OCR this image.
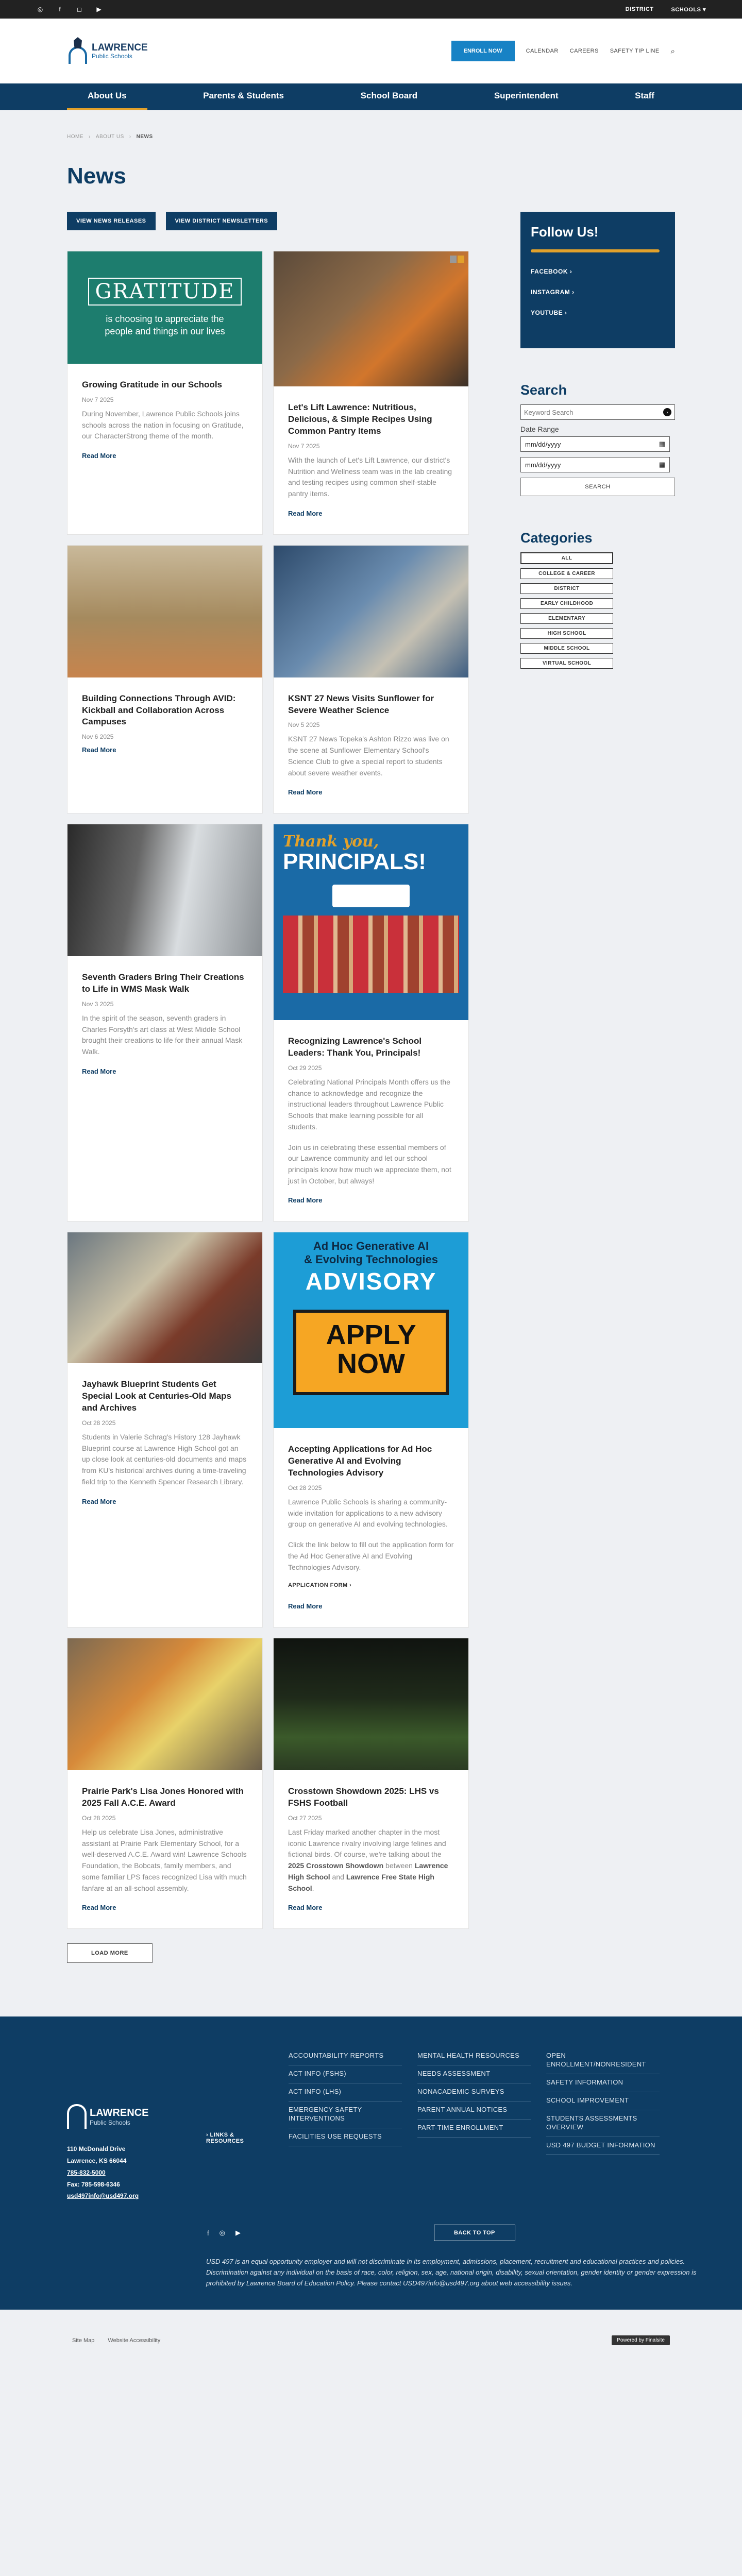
◎	f	◻ ▶	DISTRICT	SCHOOLS ▾
LAWRENCE
Public Schools
ENROLL NOW	CALENDAR CAREERS SAFETY TIP LINE ⌕
About Us	Parents & Students	School Board	Superintendent	Staff
HOME › ABOUT US › NEWS
News
VIEW NEWS RELEASES	VIEW DISTRICT NEWSLETTERS
GRATITUDE
is choosing to appreciate the people and things in our lives
Growing Gratitude in our Schools
Nov 7 2025

During November, Lawrence Public Schools joins schools across the nation in focusing on Gratitude, our CharacterStrong theme of the month.

Read More
Let's Lift Lawrence: Nutritious, Delicious, & Simple Recipes Using Common Pantry Items
Nov 7 2025

With the launch of Let's Lift Lawrence, our district's Nutrition and Wellness team was in the lab creating and testing recipes using common shelf-stable pantry items.

Read More
Building Connections Through AVID: Kickball and Collaboration Across Campuses
Nov 6 2025
Read More
KSNT 27 News Visits Sunflower for Severe Weather Science
Nov 5 2025

KSNT 27 News Topeka's Ashton Rizzo was live on the scene at Sunflower Elementary School's Science Club to give a special report to students about severe weather events.

Read More
Seventh Graders Bring Their Creations to Life in WMS Mask Walk
Nov 3 2025

In the spirit of the season, seventh graders in Charles Forsyth's art class at West Middle School brought their creations to life for their annual Mask Walk.

Read More
Thank you,
PRINCIPALS!
Recognizing Lawrence's School Leaders: Thank You, Principals!
Oct 29 2025

Celebrating National Principals Month offers us the chance to acknowledge and recognize the instructional leaders throughout Lawrence Public Schools that make learning possible for all students.

Join us in celebrating these essential members of our Lawrence community and let our school principals know how much we appreciate them, not just in October, but always!

Read More
Jayhawk Blueprint Students Get Special Look at Centuries-Old Maps and Archives
Oct 28 2025

Students in Valerie Schrag's History 128 Jayhawk Blueprint course at Lawrence High School got an up close look at centuries-old documents and maps from KU's historical archives during a time-traveling field trip to the Kenneth Spencer Research Library.

Read More
Ad Hoc Generative AI
& Evolving Technologies
ADVISORY
APPLY
NOW
Accepting Applications for Ad Hoc Generative AI and Evolving Technologies Advisory
Oct 28 2025

Lawrence Public Schools is sharing a community-wide invitation for applications to a new advisory group on generative AI and evolving technologies.

Click the link below to fill out the application form for the Ad Hoc Generative AI and Evolving Technologies Advisory.

APPLICATION FORM ›
Read More
Prairie Park's Lisa Jones Honored with 2025 Fall A.C.E. Award
Oct 28 2025

Help us celebrate Lisa Jones, administrative assistant at Prairie Park Elementary School, for a well-deserved A.C.E. Award win! Lawrence Schools Foundation, the Bobcats, family members, and some familiar LPS faces recognized Lisa with much fanfare at an all-school assembly.

Read More
Crosstown Showdown 2025: LHS vs FSHS Football
Oct 27 2025

Last Friday marked another chapter in the most iconic Lawrence rivalry involving large felines and fictional birds. Of course, we're talking about the 2025 Crosstown Showdown between Lawrence High School and Lawrence Free State High School.

Read More
LOAD MORE
Follow Us!
FACEBOOK ›
INSTAGRAM ›
YOUTUBE ›
Search
Keyword Search	›
Date Range
mm/dd/yyyy	▦
mm/dd/yyyy	▦
SEARCH
Categories
ALL
COLLEGE & CAREER
DISTRICT
EARLY CHILDHOOD
ELEMENTARY
HIGH SCHOOL
MIDDLE SCHOOL
VIRTUAL SCHOOL
LAWRENCE
Public Schools
110 McDonald Drive
Lawrence, KS 66044
785-832-5000
Fax: 785-598-6346
usd497info@usd497.org
› LINKS & RESOURCES
ACCOUNTABILITY REPORTS
ACT INFO (FSHS)
ACT INFO (LHS)
EMERGENCY SAFETY INTERVENTIONS
FACILITIES USE REQUESTS
MENTAL HEALTH RESOURCES
NEEDS ASSESSMENT
NONACADEMIC SURVEYS
PARENT ANNUAL NOTICES
PART-TIME ENROLLMENT
OPEN ENROLLMENT/NONRESIDENT
SAFETY INFORMATION
SCHOOL IMPROVEMENT
STUDENTS ASSESSMENTS OVERVIEW
USD 497 BUDGET INFORMATION
f ◎ ▶	BACK TO TOP
USD 497 is an equal opportunity employer and will not discriminate in its employment, admissions, placement, recruitment and educational practices and policies. Discrimination against any individual on the basis of race, color, religion, sex, age, national origin, disability, sexual orientation, gender identity or gender expression is prohibited by Lawrence Board of Education Policy. Please contact USD497info@usd497.org about web accessibility issues.
Site Map Website Accessibility	Powered by Finalsite
